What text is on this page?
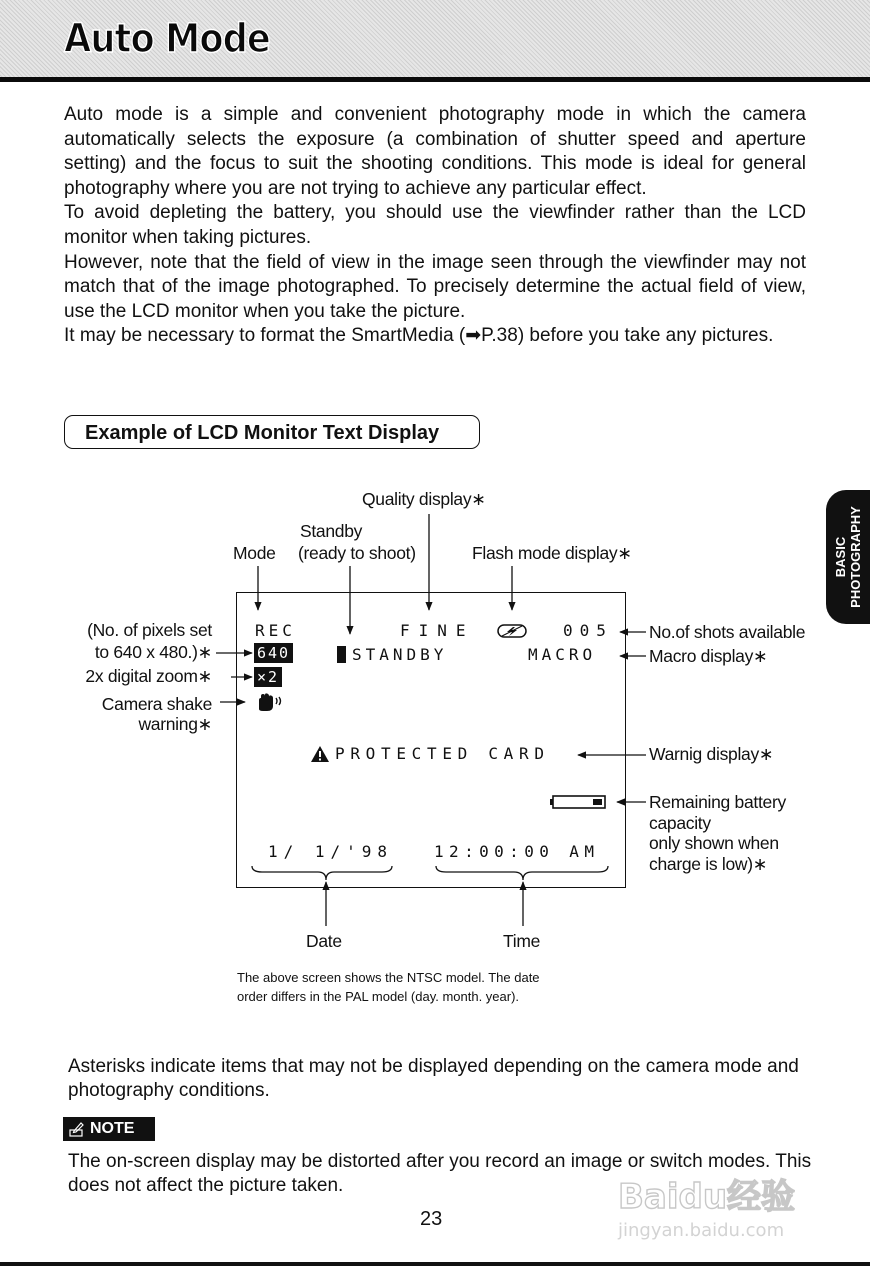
Auto Mode

Auto mode is a simple and convenient photography mode in which the camera automatically selects the exposure (a combination of shutter speed and aperture setting) and the focus to suit the shooting conditions. This mode is ideal for general photography where you are not trying to achieve any particular effect.

To avoid depleting the battery, you should use the viewfinder rather than the LCD monitor when taking pictures.

However, note that the field of view in the image seen through the viewfinder may not match that of the image photographed. To precisely determine the actual field of view, use the LCD monitor when you take the picture.

It may be necessary to format the SmartMedia (➡P.38) before you take any pictures.

Example of LCD Monitor Text Display
BASIC PHOTOGRAPHY
Quality display∗
Standby
(ready to shoot)
Mode	Flash mode display∗
(No. of pixels set
to 640 x 480.)∗
2x digital zoom∗
Camera shake
warning∗
No.of shots available
Macro display∗
Warnig display∗
Remaining battery
capacity
only shown when
charge is low)∗
Date	Time
REC	FINE	005
640	STANDBY	MACRO
×2
PROTECTED CARD
1/ 1/'98	12:00:00 AM
The above screen shows the NTSC model. The date
order differs in the PAL model (day. month. year).

Asterisks indicate items that may not be displayed depending on the camera mode and photography conditions.

NOTE

The on-screen display may be distorted after you record an image or switch modes. This does not affect the picture taken.

23
Baidu经验
jingyan.baidu.com
